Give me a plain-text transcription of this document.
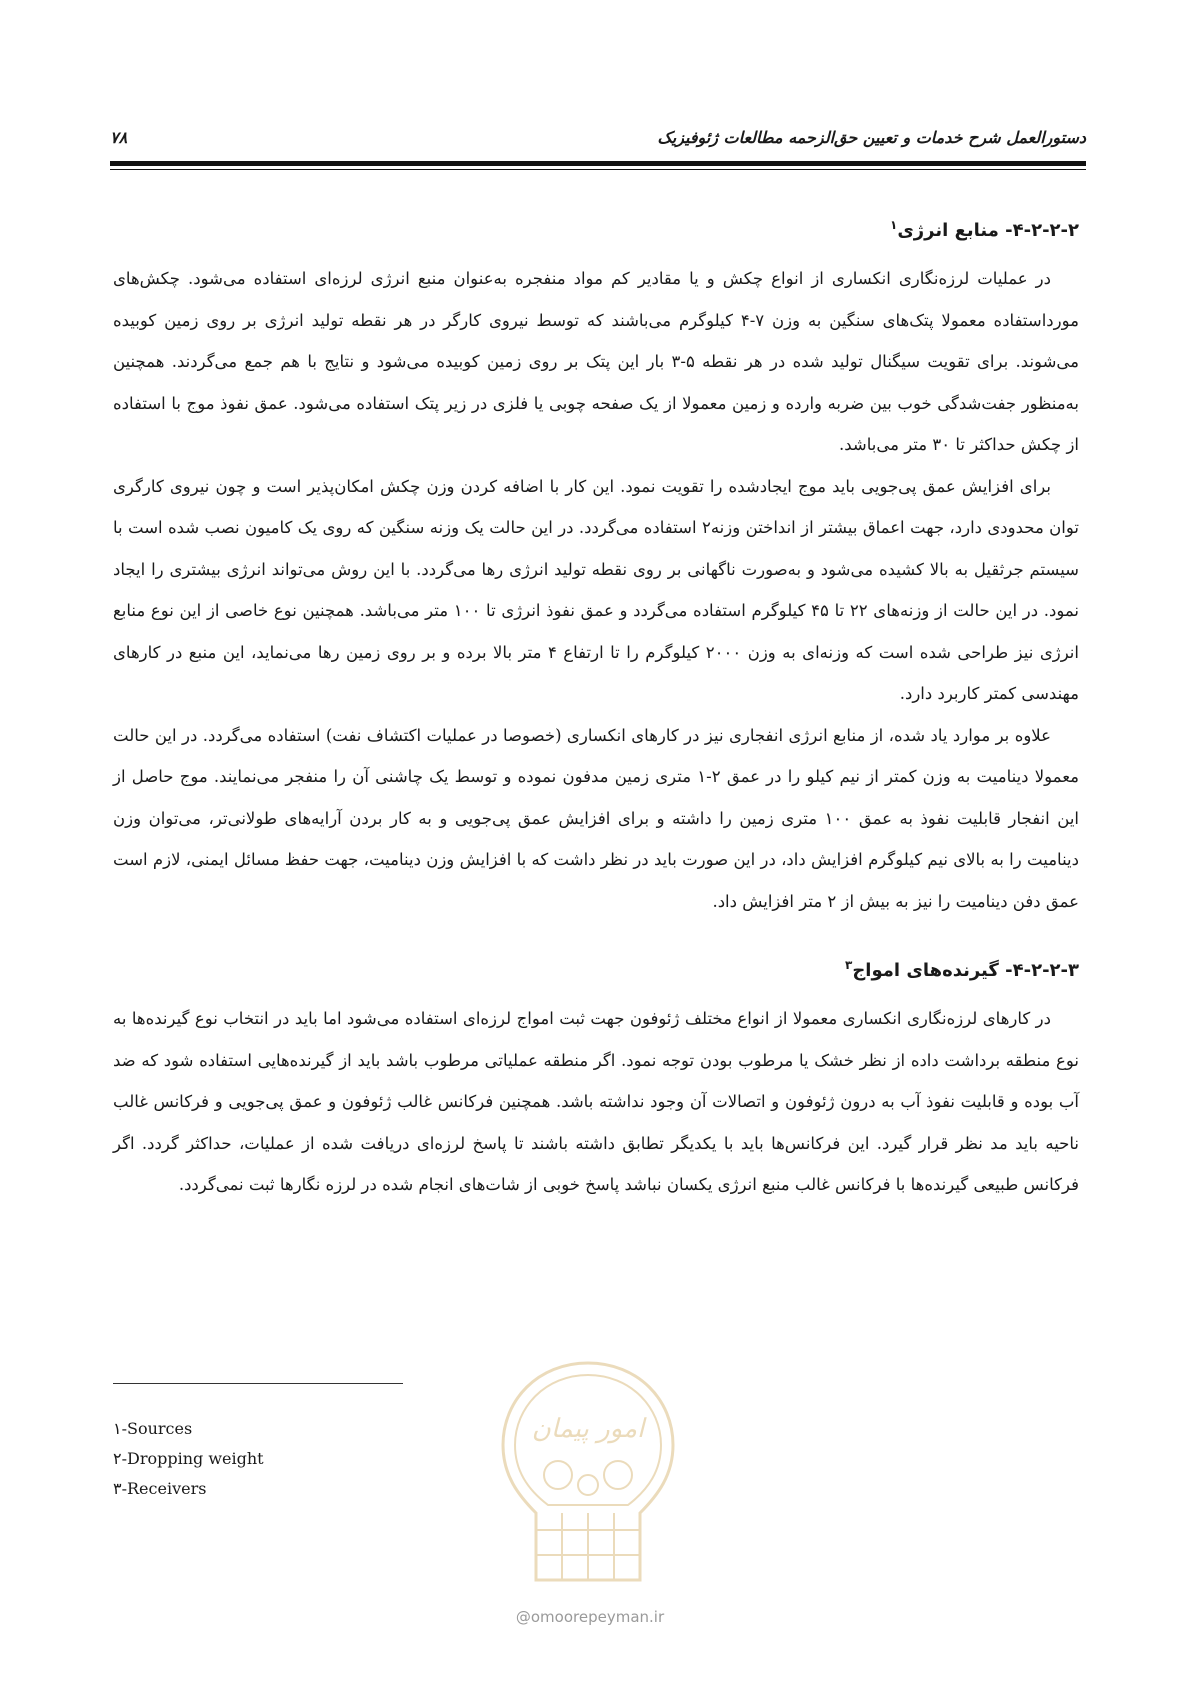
۷۸	دستورالعمل شرح خدمات و تعیین حق‌الزحمه مطالعات ژئوفیزیک
۴-۲-۲-۲- منابع انرژی$^۱$

در عملیات لرزه‌نگاری انکساری از انواع چکش و یا مقادیر کم مواد منفجره به‌عنوان منبع انرژی لرزه‌ای استفاده می‌شود. چکش‌های مورداستفاده معمولا پتک‌های سنگین به وزن ۷-۴ کیلوگرم می‌باشند که توسط نیروی کارگر در هر نقطه تولید انرژی بر روی زمین کوبیده می‌شوند. برای تقویت سیگنال تولید شده در هر نقطه ۵-۳ بار این پتک بر روی زمین کوبیده می‌شود و نتایج با هم جمع می‌گردند. همچنین به‌منظور جفت‌شدگی خوب بین ضربه وارده و زمین معمولا از یک صفحه چوبی یا فلزی در زیر پتک استفاده می‌شود. عمق نفوذ موج با استفاده از چکش حداکثر تا ۳۰ متر می‌باشد.

برای افزایش عمق پی‌جویی باید موج ایجادشده را تقویت نمود. این کار با اضافه کردن وزن چکش امکان‌پذیر است و چون نیروی کارگری توان محدودی دارد، جهت اعماق بیشتر از انداختن وزنه۲ استفاده می‌گردد. در این حالت یک وزنه سنگین که روی یک کامیون نصب شده است با سیستم جرثقیل به بالا کشیده می‌شود و به‌صورت ناگهانی بر روی نقطه تولید انرژی رها می‌گردد. با این روش می‌تواند انرژی بیشتری را ایجاد نمود. در این حالت از وزنه‌های ۲۲ تا ۴۵ کیلوگرم استفاده می‌گردد و عمق نفوذ انرژی تا ۱۰۰ متر می‌باشد. همچنین نوع خاصی از این نوع منابع انرژی نیز طراحی شده است که وزنه‌ای به وزن ۲۰۰۰ کیلوگرم را تا ارتفاع ۴ متر بالا برده و بر روی زمین رها می‌نماید، این منبع در کارهای مهندسی کمتر کاربرد دارد.

علاوه بر موارد یاد شده، از منابع انرژی انفجاری نیز در کارهای انکساری (خصوصا در عملیات اکتشاف نفت) استفاده می‌گردد. در این حالت معمولا دینامیت به وزن کمتر از نیم کیلو را در عمق ۲-۱ متری زمین مدفون نموده و توسط یک چاشنی آن را منفجر می‌نمایند. موج حاصل از این انفجار قابلیت نفوذ به عمق ۱۰۰ متری زمین را داشته و برای افزایش عمق پی‌جویی و به کار بردن آرایه‌های طولانی‌تر، می‌توان وزن دینامیت را به بالای نیم کیلوگرم افزایش داد، در این صورت باید در نظر داشت که با افزایش وزن دینامیت، جهت حفظ مسائل ایمنی، لازم است عمق دفن دینامیت را نیز به بیش از ۲ متر افزایش داد.

۴-۲-۲-۳- گیرنده‌های امواج$^۳$

در کارهای لرزه‌نگاری انکساری معمولا از انواع مختلف ژئوفون جهت ثبت امواج لرزه‌ای استفاده می‌شود اما باید در انتخاب نوع گیرنده‌ها به نوع منطقه برداشت داده از نظر خشک یا مرطوب بودن توجه نمود. اگر منطقه عملیاتی مرطوب باشد باید از گیرنده‌هایی استفاده شود که ضد آب بوده و قابلیت نفوذ آب به درون ژئوفون و اتصالات آن وجود نداشته باشد. همچنین فرکانس غالب ژئوفون و عمق پی‌جویی و فرکانس غالب ناحیه باید مد نظر قرار گیرد. این فرکانس‌ها باید با یکدیگر تطابق داشته باشند تا پاسخ لرزه‌ای دریافت شده از عملیات، حداکثر گردد. اگر فرکانس طبیعی گیرنده‌ها با فرکانس غالب منبع انرژی یکسان نباشد پاسخ خوبی از شات‌های انجام شده در لرزه نگارها ثبت نمی‌گردد.

امور پیمان
۱-Sources
۲-Dropping weight
۳-Receivers
@omoorepeyman.ir
